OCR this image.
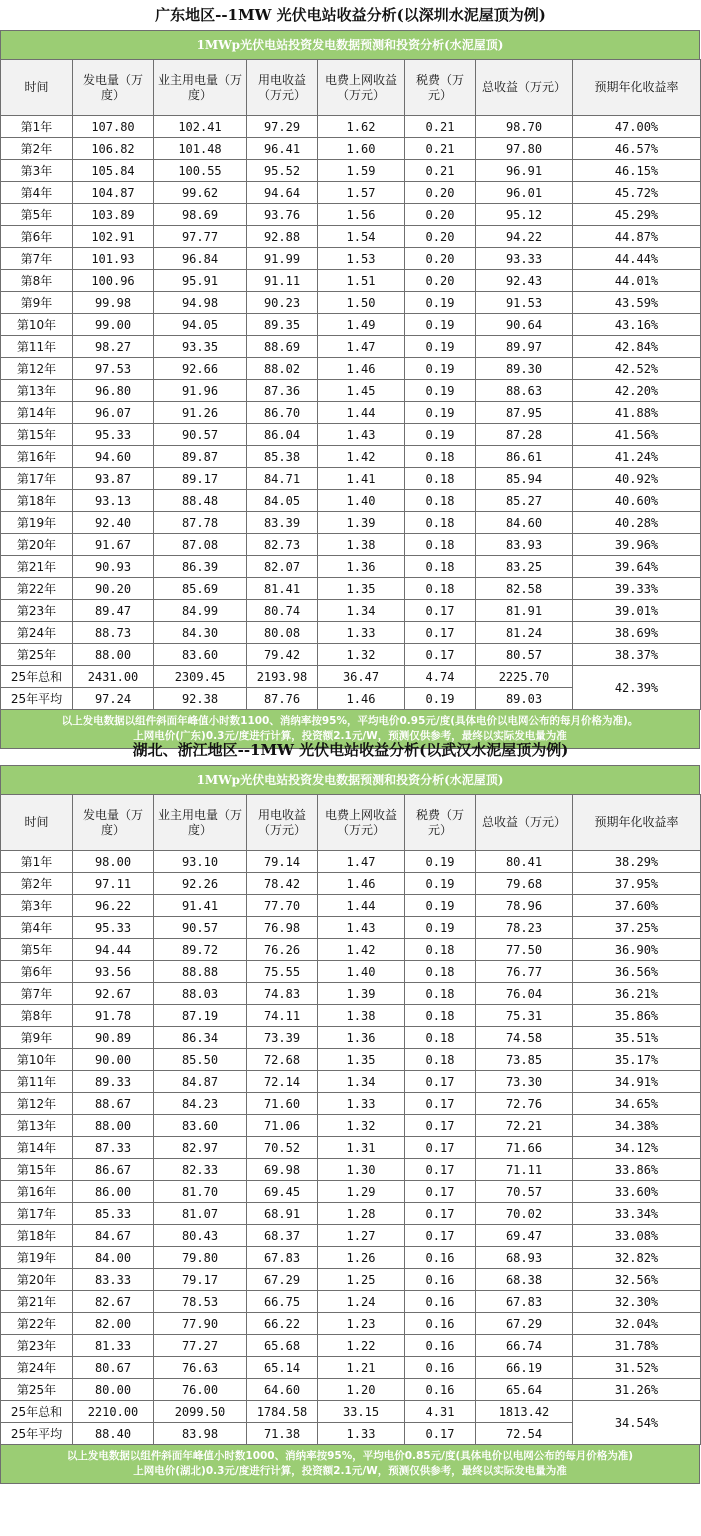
广东地区--1MW 光伏电站收益分析(以深圳水泥屋顶为例)
1MWp光伏电站投资发电数据预测和投资分析(水泥屋顶)
时间	发电量（万度）	业主用电量（万度）	用电收益（万元）	电费上网收益（万元）	税费（万元）	总收益（万元）	预期年化收益率
第1年	107.80	102.41	97.29	1.62	0.21	98.70	47.00%
第2年	106.82	101.48	96.41	1.60	0.21	97.80	46.57%
第3年	105.84	100.55	95.52	1.59	0.21	96.91	46.15%
第4年	104.87	99.62	94.64	1.57	0.20	96.01	45.72%
第5年	103.89	98.69	93.76	1.56	0.20	95.12	45.29%
第6年	102.91	97.77	92.88	1.54	0.20	94.22	44.87%
第7年	101.93	96.84	91.99	1.53	0.20	93.33	44.44%
第8年	100.96	95.91	91.11	1.51	0.20	92.43	44.01%
第9年	99.98	94.98	90.23	1.50	0.19	91.53	43.59%
第10年	99.00	94.05	89.35	1.49	0.19	90.64	43.16%
第11年	98.27	93.35	88.69	1.47	0.19	89.97	42.84%
第12年	97.53	92.66	88.02	1.46	0.19	89.30	42.52%
第13年	96.80	91.96	87.36	1.45	0.19	88.63	42.20%
第14年	96.07	91.26	86.70	1.44	0.19	87.95	41.88%
第15年	95.33	90.57	86.04	1.43	0.19	87.28	41.56%
第16年	94.60	89.87	85.38	1.42	0.18	86.61	41.24%
第17年	93.87	89.17	84.71	1.41	0.18	85.94	40.92%
第18年	93.13	88.48	84.05	1.40	0.18	85.27	40.60%
第19年	92.40	87.78	83.39	1.39	0.18	84.60	40.28%
第20年	91.67	87.08	82.73	1.38	0.18	83.93	39.96%
第21年	90.93	86.39	82.07	1.36	0.18	83.25	39.64%
第22年	90.20	85.69	81.41	1.35	0.18	82.58	39.33%
第23年	89.47	84.99	80.74	1.34	0.17	81.91	39.01%
第24年	88.73	84.30	80.08	1.33	0.17	81.24	38.69%
第25年	88.00	83.60	79.42	1.32	0.17	80.57	38.37%
25年总和	2431.00	2309.45	2193.98	36.47	4.74	2225.70	42.39%
25年平均	97.24	92.38	87.76	1.46	0.19	89.03	
以上发电数据以组件斜面年峰值小时数1100、消纳率按95%，平均电价0.95元/度(具体电价以电网公布的每月价格为准)。
上网电价(广东)0.3元/度进行计算，投资额2.1元/W，预测仅供参考，最终以实际发电量为准
湖北、浙江地区--1MW 光伏电站收益分析(以武汉水泥屋顶为例)
1MWp光伏电站投资发电数据预测和投资分析(水泥屋顶)
时间	发电量（万度）	业主用电量（万度）	用电收益（万元）	电费上网收益（万元）	税费（万元）	总收益（万元）	预期年化收益率
第1年	98.00	93.10	79.14	1.47	0.19	80.41	38.29%
第2年	97.11	92.26	78.42	1.46	0.19	79.68	37.95%
第3年	96.22	91.41	77.70	1.44	0.19	78.96	37.60%
第4年	95.33	90.57	76.98	1.43	0.19	78.23	37.25%
第5年	94.44	89.72	76.26	1.42	0.18	77.50	36.90%
第6年	93.56	88.88	75.55	1.40	0.18	76.77	36.56%
第7年	92.67	88.03	74.83	1.39	0.18	76.04	36.21%
第8年	91.78	87.19	74.11	1.38	0.18	75.31	35.86%
第9年	90.89	86.34	73.39	1.36	0.18	74.58	35.51%
第10年	90.00	85.50	72.68	1.35	0.18	73.85	35.17%
第11年	89.33	84.87	72.14	1.34	0.17	73.30	34.91%
第12年	88.67	84.23	71.60	1.33	0.17	72.76	34.65%
第13年	88.00	83.60	71.06	1.32	0.17	72.21	34.38%
第14年	87.33	82.97	70.52	1.31	0.17	71.66	34.12%
第15年	86.67	82.33	69.98	1.30	0.17	71.11	33.86%
第16年	86.00	81.70	69.45	1.29	0.17	70.57	33.60%
第17年	85.33	81.07	68.91	1.28	0.17	70.02	33.34%
第18年	84.67	80.43	68.37	1.27	0.17	69.47	33.08%
第19年	84.00	79.80	67.83	1.26	0.16	68.93	32.82%
第20年	83.33	79.17	67.29	1.25	0.16	68.38	32.56%
第21年	82.67	78.53	66.75	1.24	0.16	67.83	32.30%
第22年	82.00	77.90	66.22	1.23	0.16	67.29	32.04%
第23年	81.33	77.27	65.68	1.22	0.16	66.74	31.78%
第24年	80.67	76.63	65.14	1.21	0.16	66.19	31.52%
第25年	80.00	76.00	64.60	1.20	0.16	65.64	31.26%
25年总和	2210.00	2099.50	1784.58	33.15	4.31	1813.42	34.54%
25年平均	88.40	83.98	71.38	1.33	0.17	72.54	
以上发电数据以组件斜面年峰值小时数1000、消纳率按95%，平均电价0.85元/度(具体电价以电网公布的每月价格为准)
上网电价(湖北)0.3元/度进行计算，投资额2.1元/W，预测仅供参考，最终以实际发电量为准
